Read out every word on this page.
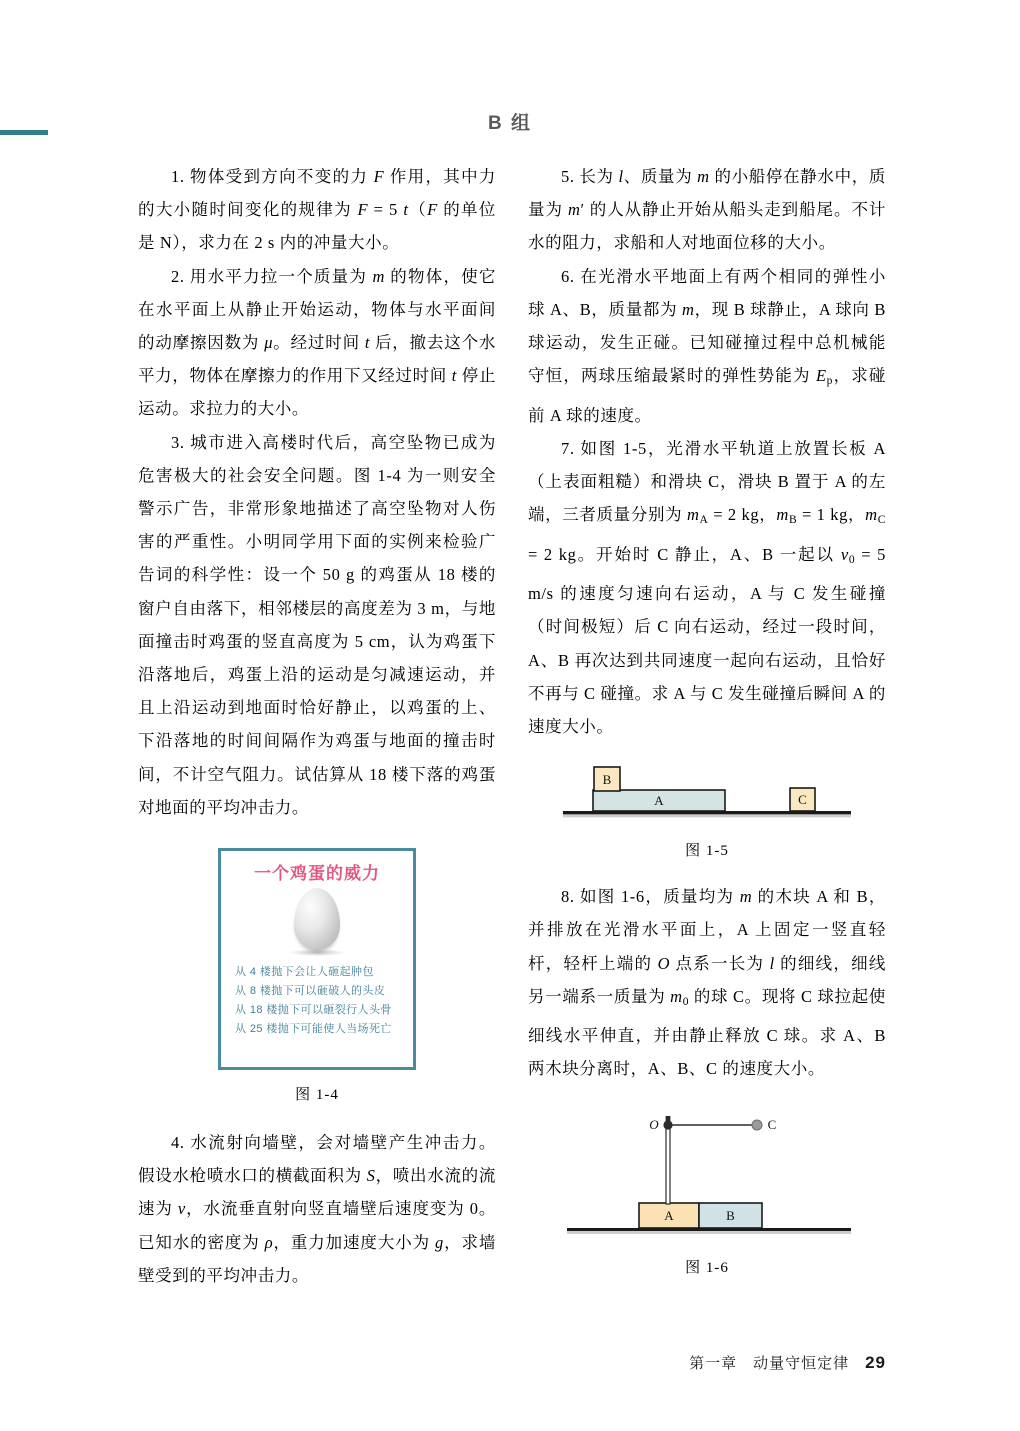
B 组

1. 物体受到方向不变的力 F 作用，其中力的大小随时间变化的规律为 F = 5 t（F 的单位是 N），求力在 2 s 内的冲量大小。

2. 用水平力拉一个质量为 m 的物体，使它在水平面上从静止开始运动，物体与水平面间的动摩擦因数为 μ。经过时间 t 后，撤去这个水平力，物体在摩擦力的作用下又经过时间 t 停止运动。求拉力的大小。

3. 城市进入高楼时代后，高空坠物已成为危害极大的社会安全问题。图 1-4 为一则安全警示广告，非常形象地描述了高空坠物对人伤害的严重性。小明同学用下面的实例来检验广告词的科学性：设一个 50 g 的鸡蛋从 18 楼的窗户自由落下，相邻楼层的高度差为 3 m，与地面撞击时鸡蛋的竖直高度为 5 cm，认为鸡蛋下沿落地后，鸡蛋上沿的运动是匀减速运动，并且上沿运动到地面时恰好静止，以鸡蛋的上、下沿落地的时间间隔作为鸡蛋与地面的撞击时间，不计空气阻力。试估算从 18 楼下落的鸡蛋对地面的平均冲击力。

一个鸡蛋的威力
从 4 楼抛下会让人砸起肿包
从 8 楼抛下可以砸破人的头皮
从 18 楼抛下可以砸裂行人头骨
从 25 楼抛下可能使人当场死亡
图 1-4

4. 水流射向墙壁，会对墙壁产生冲击力。假设水枪喷水口的横截面积为 S，喷出水流的流速为 v，水流垂直射向竖直墙壁后速度变为 0。已知水的密度为 ρ，重力加速度大小为 g，求墙壁受到的平均冲击力。

5. 长为 l、质量为 m 的小船停在静水中，质量为 m′ 的人从静止开始从船头走到船尾。不计水的阻力，求船和人对地面位移的大小。

6. 在光滑水平地面上有两个相同的弹性小球 A、B，质量都为 m，现 B 球静止，A 球向 B 球运动，发生正碰。已知碰撞过程中总机械能守恒，两球压缩最紧时的弹性势能为 Ep，求碰前 A 球的速度。

7. 如图 1-5，光滑水平轨道上放置长板 A（上表面粗糙）和滑块 C，滑块 B 置于 A 的左端，三者质量分别为 mA = 2 kg，mB = 1 kg，mC = 2 kg。开始时 C 静止，A、B 一起以 v0 = 5 m/s 的速度匀速向右运动，A 与 C 发生碰撞（时间极短）后 C 向右运动，经过一段时间，A、B 再次达到共同速度一起向右运动，且恰好不再与 C 碰撞。求 A 与 C 发生碰撞后瞬间 A 的速度大小。

A
B
C
图 1-5

8. 如图 1-6，质量均为 m 的木块 A 和 B，并排放在光滑水平面上，A 上固定一竖直轻杆，轻杆上端的 O 点系一长为 l 的细线，细线另一端系一质量为 m0 的球 C。现将 C 球拉起使细线水平伸直，并由静止释放 C 球。求 A、B 两木块分离时，A、B、C 的速度大小。

A	B
O	C
图 1-6
第一章　动量守恒定律 29
